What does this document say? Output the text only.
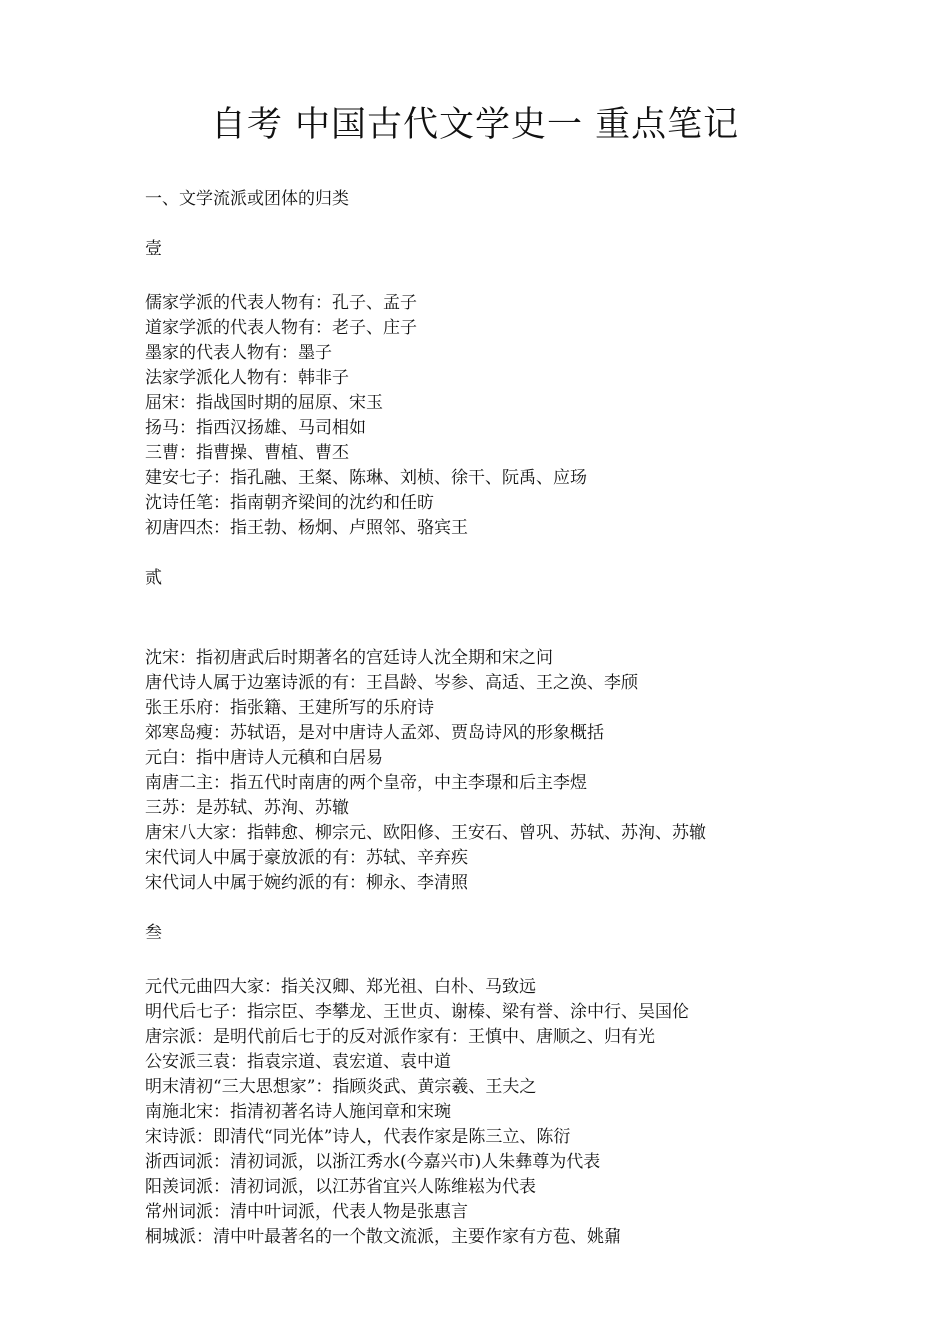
自考 中国古代文学史一 重点笔记

一、文学流派或团体的归类

壹

儒家学派的代表人物有：孔子、孟子

道家学派的代表人物有：老子、庄子

墨家的代表人物有：墨子

法家学派化人物有：韩非子

屈宋：指战国时期的屈原、宋玉

扬马：指西汉扬雄、马司相如

三曹：指曹操、曹植、曹丕

建安七子：指孔融、王粲、陈琳、刘桢、徐干、阮禹、应玚

沈诗任笔：指南朝齐梁间的沈约和任昉

初唐四杰：指王勃、杨炯、卢照邻、骆宾王

贰

沈宋：指初唐武后时期著名的宫廷诗人沈全期和宋之问

唐代诗人属于边塞诗派的有：王昌龄、岑参、高适、王之涣、李颀

张王乐府：指张籍、王建所写的乐府诗

郊寒岛瘦：苏轼语，是对中唐诗人孟郊、贾岛诗风的形象概括

元白：指中唐诗人元稹和白居易

南唐二主：指五代时南唐的两个皇帝，中主李璟和后主李煜

三苏：是苏轼、苏洵、苏辙

唐宋八大家：指韩愈、柳宗元、欧阳修、王安石、曾巩、苏轼、苏洵、苏辙

宋代词人中属于豪放派的有：苏轼、辛弃疾

宋代词人中属于婉约派的有：柳永、李清照

叁

元代元曲四大家：指关汉卿、郑光祖、白朴、马致远

明代后七子：指宗臣、李攀龙、王世贞、谢榛、梁有誉、涂中行、吴国伦

唐宗派：是明代前后七于的反对派作家有：王慎中、唐顺之、归有光

公安派三袁：指袁宗道、袁宏道、袁中道

明末清初“三大思想家”：指顾炎武、黄宗羲、王夫之

南施北宋：指清初著名诗人施闰章和宋琬

宋诗派：即清代“同光体”诗人，代表作家是陈三立、陈衍

浙西词派：清初词派，以浙江秀水(今嘉兴市)人朱彝尊为代表

阳羡词派：清初词派，以江苏省宜兴人陈维崧为代表

常州词派：清中叶词派，代表人物是张惠言

桐城派：清中叶最著名的一个散文流派，主要作家有方苞、姚鼐
